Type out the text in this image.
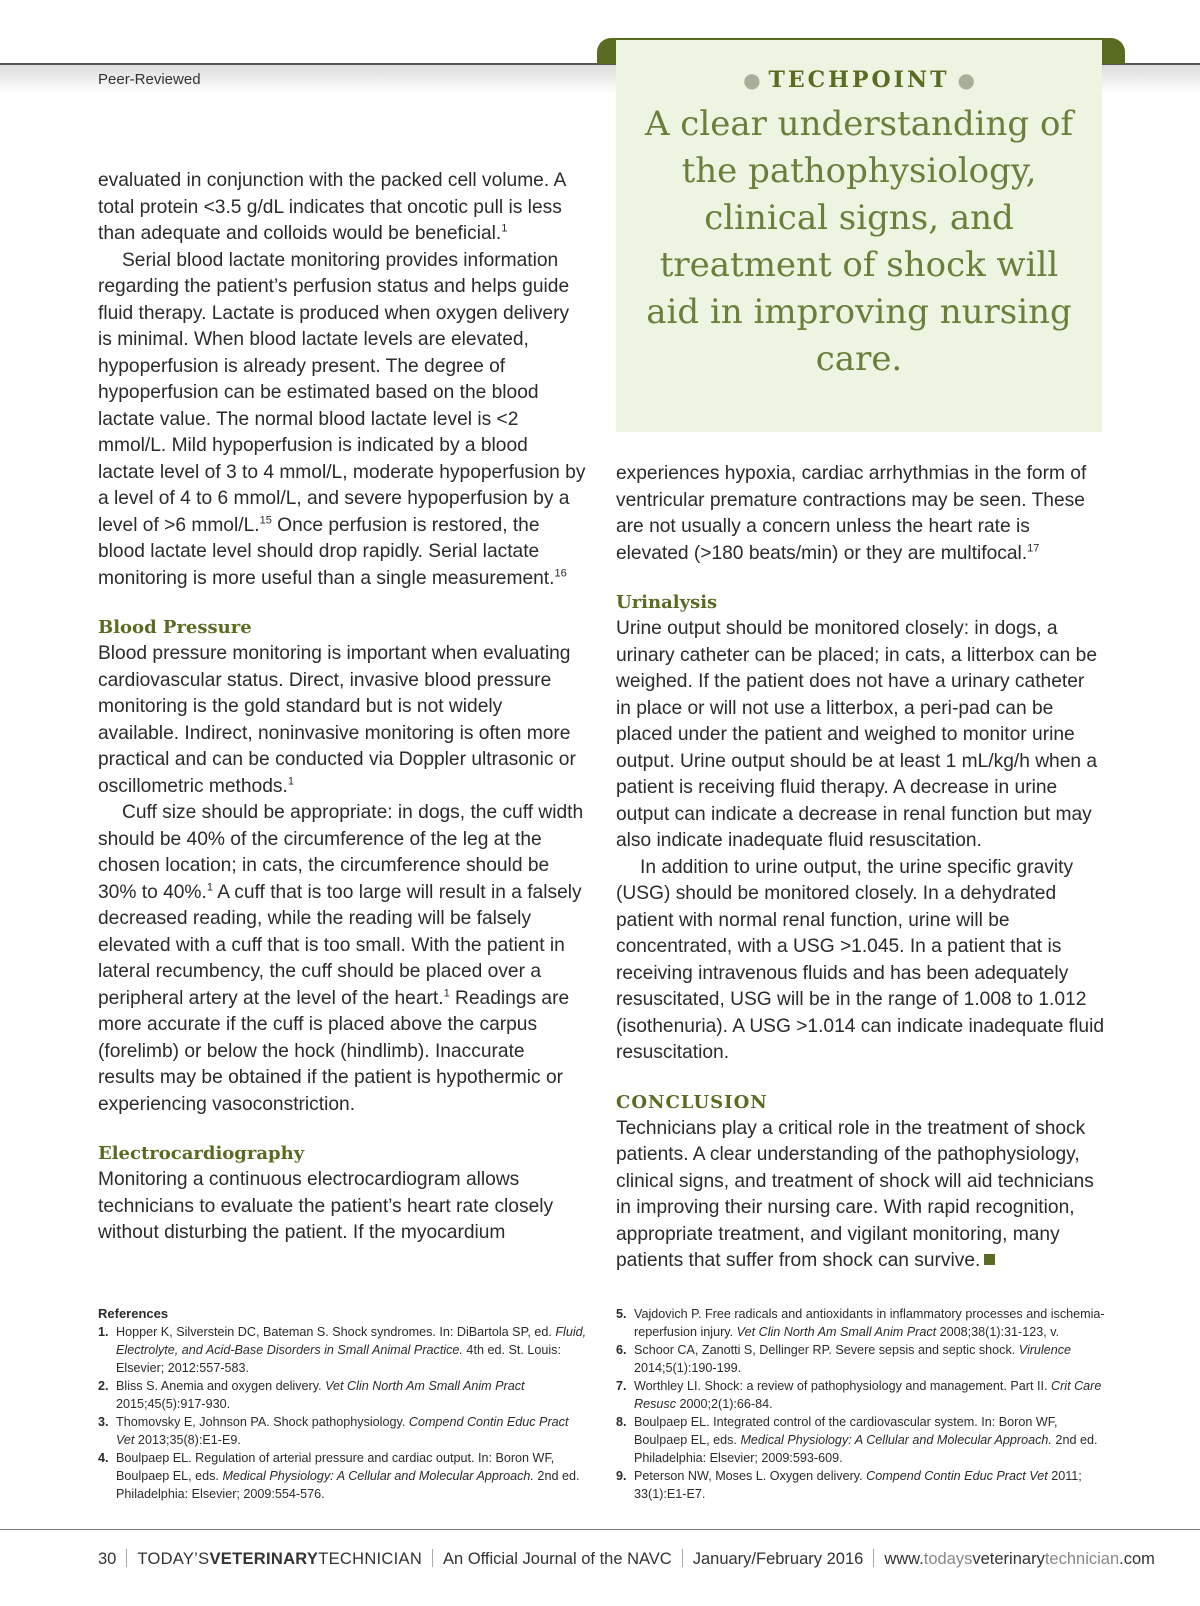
Peer-Reviewed	● TECHPOINT ●
A clear understanding of the pathophysiology, clinical signs, and treatment of shock will aid in improving nursing care.

evaluated in conjunction with the packed cell volume. A total protein <3.5 g/dL indicates that oncotic pull is less than adequate and colloids would be beneficial.$^1$

Serial blood lactate monitoring provides information regarding the patient’s perfusion status and helps guide fluid therapy. Lactate is produced when oxygen delivery is minimal. When blood lactate levels are elevated, hypoperfusion is already present. The degree of hypoperfusion can be estimated based on the blood lactate value. The normal blood lactate level is <2 mmol/L. Mild hypoperfusion is indicated by a blood lactate level of 3 to 4 mmol/L, moderate hypoperfusion by a level of 4 to 6 mmol/L, and severe hypoperfusion by a level of >6 mmol/L.$^{15}$ Once perfusion is restored, the blood lactate level should drop rapidly. Serial lactate monitoring is more useful than a single measurement.$^{16}$

Blood Pressure

Blood pressure monitoring is important when evaluating cardiovascular status. Direct, invasive blood pressure monitoring is the gold standard but is not widely available. Indirect, noninvasive monitoring is often more practical and can be conducted via Doppler ultrasonic or oscillometric methods.$^1$

Cuff size should be appropriate: in dogs, the cuff width should be 40% of the circumference of the leg at the chosen location; in cats, the circumference should be 30% to 40%.$^1$ A cuff that is too large will result in a falsely decreased reading, while the reading will be falsely elevated with a cuff that is too small. With the patient in lateral recumbency, the cuff should be placed over a peripheral artery at the level of the heart.$^1$ Readings are more accurate if the cuff is placed above the carpus (forelimb) or below the hock (hindlimb). Inaccurate results may be obtained if the patient is hypothermic or experiencing vasoconstriction.

Electrocardiography

Monitoring a continuous electrocardiogram allows technicians to evaluate the patient’s heart rate closely without disturbing the patient. If the myocardium

experiences hypoxia, cardiac arrhythmias in the form of ventricular premature contractions may be seen. These are not usually a concern unless the heart rate is elevated (>180 beats/min) or they are multifocal.$^{17}$

Urinalysis

Urine output should be monitored closely: in dogs, a urinary catheter can be placed; in cats, a litterbox can be weighed. If the patient does not have a urinary catheter in place or will not use a litterbox, a peri-pad can be placed under the patient and weighed to monitor urine output. Urine output should be at least 1 mL/kg/h when a patient is receiving fluid therapy. A decrease in urine output can indicate a decrease in renal function but may also indicate inadequate fluid resuscitation.

In addition to urine output, the urine specific gravity (USG) should be monitored closely. In a dehydrated patient with normal renal function, urine will be concentrated, with a USG >1.045. In a patient that is receiving intravenous fluids and has been adequately resuscitated, USG will be in the range of 1.008 to 1.012 (isothenuria). A USG >1.014 can indicate inadequate fluid resuscitation.

CONCLUSION

Technicians play a critical role in the treatment of shock patients. A clear understanding of the pathophysiology, clinical signs, and treatment of shock will aid technicians in improving their nursing care. With rapid recognition, appropriate treatment, and vigilant monitoring, many patients that suffer from shock can survive.

References
1. Hopper K, Silverstein DC, Bateman S. Shock syndromes. In: DiBartola SP, ed. Fluid, Electrolyte, and Acid-Base Disorders in Small Animal Practice. 4th ed. St. Louis: Elsevier; 2012:557-583.
2. Bliss S. Anemia and oxygen delivery. Vet Clin North Am Small Anim Pract 2015;45(5):917-930.
3. Thomovsky E, Johnson PA. Shock pathophysiology. Compend Contin Educ Pract Vet 2013;35(8):E1-E9.
4. Boulpaep EL. Regulation of arterial pressure and cardiac output. In: Boron WF, Boulpaep EL, eds. Medical Physiology: A Cellular and Molecular Approach. 2nd ed. Philadelphia: Elsevier; 2009:554-576.
5. Vajdovich P. Free radicals and antioxidants in inflammatory processes and ischemia-reperfusion injury. Vet Clin North Am Small Anim Pract 2008;38(1):31-123, v.
6. Schoor CA, Zanotti S, Dellinger RP. Severe sepsis and septic shock. Virulence 2014;5(1):190-199.
7. Worthley LI. Shock: a review of pathophysiology and management. Part II. Crit Care Resusc 2000;2(1):66-84.
8. Boulpaep EL. Integrated control of the cardiovascular system. In: Boron WF, Boulpaep EL, eds. Medical Physiology: A Cellular and Molecular Approach. 2nd ed. Philadelphia: Elsevier; 2009:593-609.
9. Peterson NW, Moses L. Oxygen delivery. Compend Contin Educ Pract Vet 2011; 33(1):E1-E7.
30 TODAY’SVETERINARYTECHNICIAN An Official Journal of the NAVC January/February 2016 www.todaysveterinarytechnician.com
